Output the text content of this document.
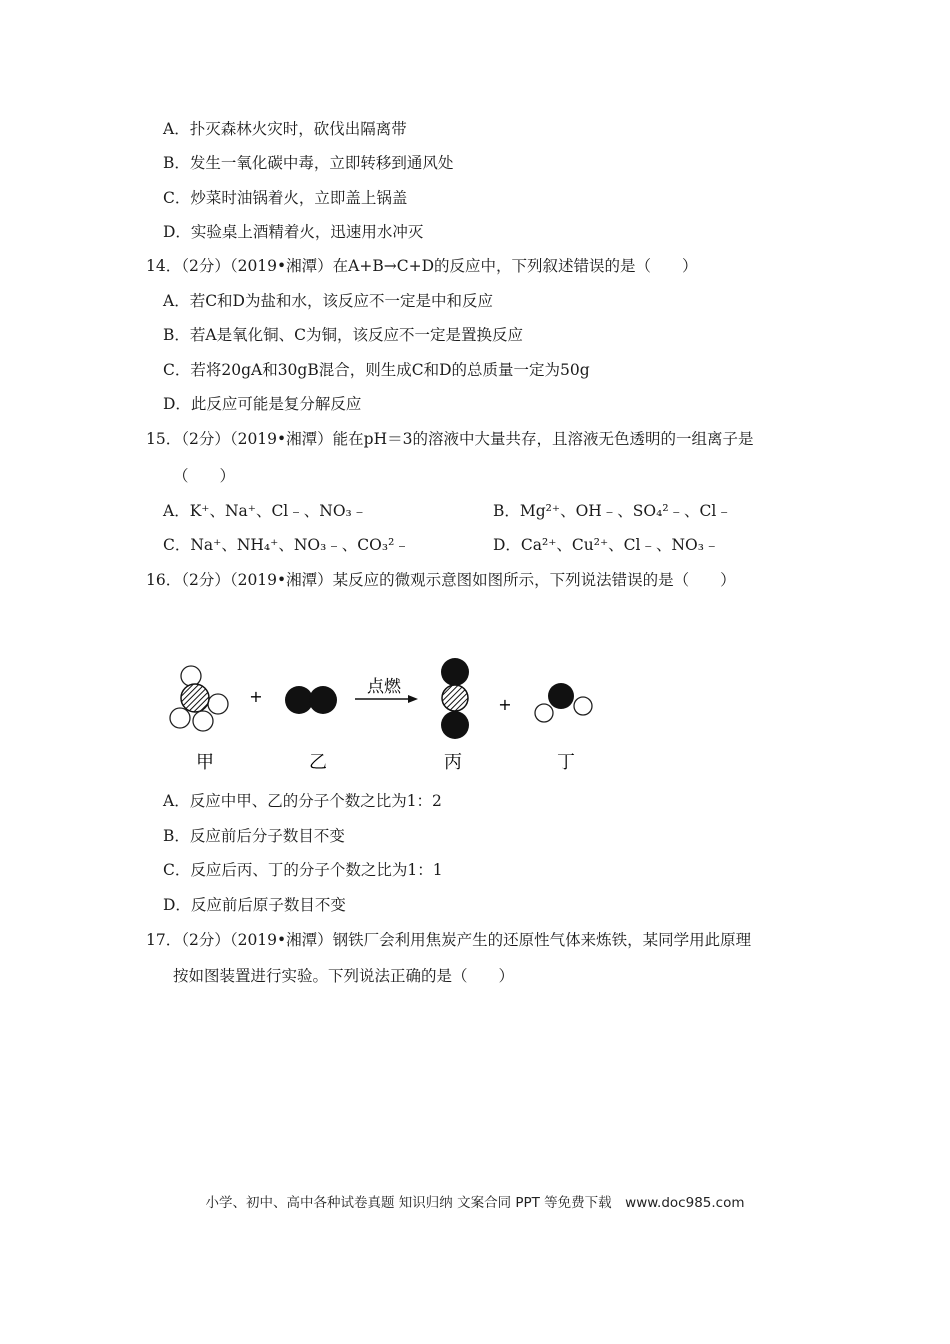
A．扑灭森林火灾时，砍伐出隔离带
B．发生一氧化碳中毒，立即转移到通风处
C．炒菜时油锅着火，立即盖上锅盖
D．实验桌上酒精着火，迅速用水冲灭
14．（2分）（2019•湘潭）在A+B→C+D的反应中，下列叙述错误的是（　　）
A．若C和D为盐和水，该反应不一定是中和反应
B．若A是氧化铜、C为铜，该反应不一定是置换反应
C．若将20gA和30gB混合，则生成C和D的总质量一定为50g
D．此反应可能是复分解反应
15．（2分）（2019•湘潭）能在pH＝3的溶液中大量共存，且溶液无色透明的一组离子是
（　　）
A．K⁺、Na⁺、Cl﹣、NO₃﹣	B．Mg²⁺、OH﹣、SO₄²﹣、Cl﹣
C．Na⁺、NH₄⁺、NO₃﹣、CO₃²﹣	D．Ca²⁺、Cu²⁺、Cl﹣、NO₃﹣
16．（2分）（2019•湘潭）某反应的微观示意图如图所示，下列说法错误的是（　　）
+	点燃
+
甲	乙	丙	丁
A．反应中甲、乙的分子个数之比为1：2
B．反应前后分子数目不变
C．反应后丙、丁的分子个数之比为1：1
D．反应前后原子数目不变
17．（2分）（2019•湘潭）钢铁厂会利用焦炭产生的还原性气体来炼铁，某同学用此原理
按如图装置进行实验。下列说法正确的是（　　）
小学、初中、高中各种试卷真题 知识归纳 文案合同 PPT 等免费下载　www.doc985.com
